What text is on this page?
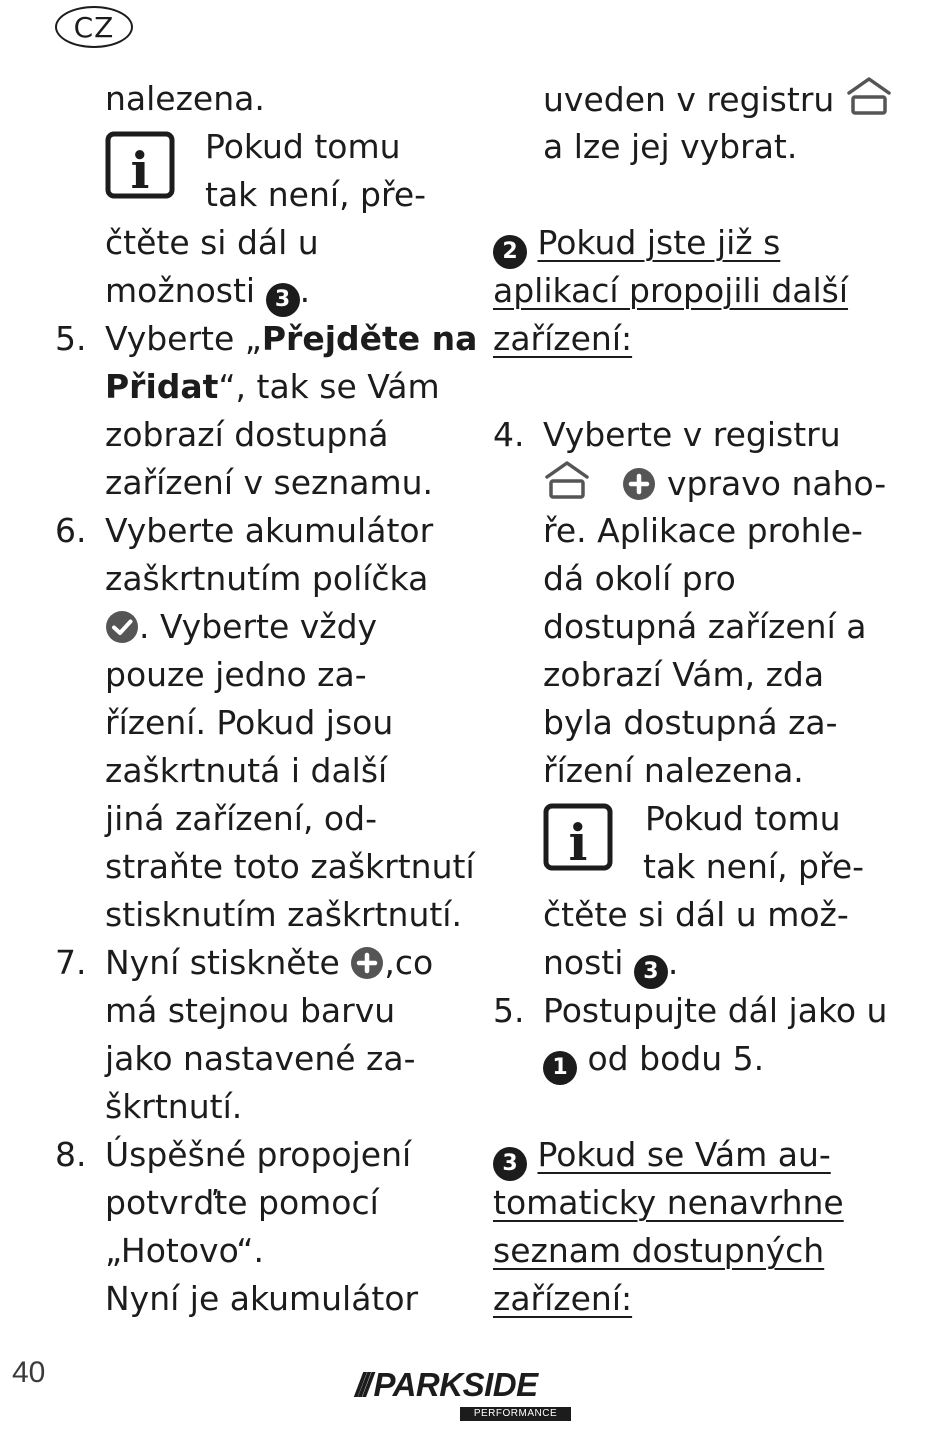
CZ
nalezena.
i	Pokud tomu
tak není, pře-
čtěte si dál u
možnosti 3 .
5. Vyberte „Přejděte na
Přidat“, tak se Vám
zobrazí dostupná
zařízení v seznamu.
6. Vyberte akumulátor
zaškrtnutím políčka
. Vyberte vždy
pouze jedno za-
řízení. Pokud jsou
zaškrtnutá i další
jiná zařízení, od-
straňte toto zaškrtnutí
stisknutím zaškrtnutí.
7. Nyní stiskněte ,co
má stejnou barvu
jako nastavené za-
škrtnutí.
8. Úspěšné propojení
potvrďte pomocí
„Hotovo“.
Nyní je akumulátor
uveden v registru
a lze jej vybrat.
2 Pokud jste již s
aplikací propojili další
zařízení:
4. Vyberte v registru
vpravo naho-
ře. Aplikace prohle-
dá okolí pro
dostupná zařízení a
zobrazí Vám, zda
byla dostupná za-
řízení nalezena.
i	Pokud tomu
tak není, pře-
čtěte si dál u mož-
nosti 3 .
5. Postupujte dál jako u
1 od bodu 5.
3 Pokud se Vám au-
tomaticky nenavrhne
seznam dostupných
zařízení:
40	/// PARKSIDE
PERFORMANCE
